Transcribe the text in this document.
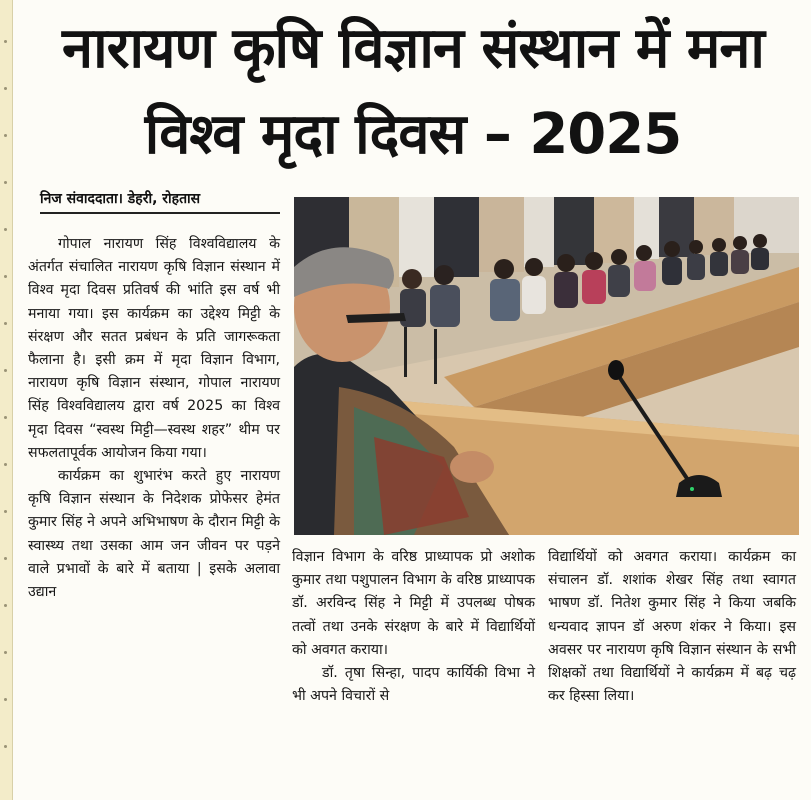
नारायण कृषि विज्ञान संस्थान में मना विश्व मृदा दिवस – 2025
निज संवाददाता। डेहरी, रोहतास

गोपाल नारायण सिंह विश्वविद्यालय के अंतर्गत संचालित नारायण कृषि विज्ञान संस्थान में विश्व मृदा दिवस प्रतिवर्ष की भांति इस वर्ष भी मनाया गया। इस कार्यक्रम का उद्देश्य मिट्टी के संरक्षण और सतत प्रबंधन के प्रति जागरूकता फैलाना है। इसी क्रम में मृदा विज्ञान विभाग, नारायण कृषि विज्ञान संस्थान, गोपाल नारायण सिंह विश्वविद्यालय द्वारा वर्ष 2025 का विश्व मृदा दिवस “स्वस्थ मिट्टी—स्वस्थ शहर” थीम पर सफलतापूर्वक आयोजन किया गया।

कार्यक्रम का शुभारंभ करते हुए नारायण कृषि विज्ञान संस्थान के निदेशक प्रोफेसर हेमंत कुमार सिंह ने अपने अभिभाषण के दौरान मिट्टी के स्वास्थ्य तथा उसका आम जन जीवन पर पड़ने वाले प्रभावों के बारे में बताया | इसके अलावा उद्यान

विज्ञान विभाग के वरिष्ठ प्राध्यापक प्रो अशोक कुमार तथा पशुपालन विभाग के वरिष्ठ प्राध्यापक डॉ. अरविन्द सिंह ने मिट्टी में उपलब्ध पोषक तत्वों तथा उनके संरक्षण के बारे में विद्यार्थियों को अवगत कराया।

डॉ. तृषा सिन्हा, पादप कार्यिकी विभा ने भी अपने विचारों से

विद्यार्थियों को अवगत कराया। कार्यक्रम का संचालन डॉ. शशांक शेखर सिंह तथा स्वागत भाषण डॉ. नितेश कुमार सिंह ने किया जबकि धन्यवाद ज्ञापन डॉ अरुण शंकर ने किया। इस अवसर पर नारायण कृषि विज्ञान संस्थान के सभी शिक्षकों तथा विद्यार्थियों ने कार्यक्रम में बढ़ चढ़ कर हिस्सा लिया।
